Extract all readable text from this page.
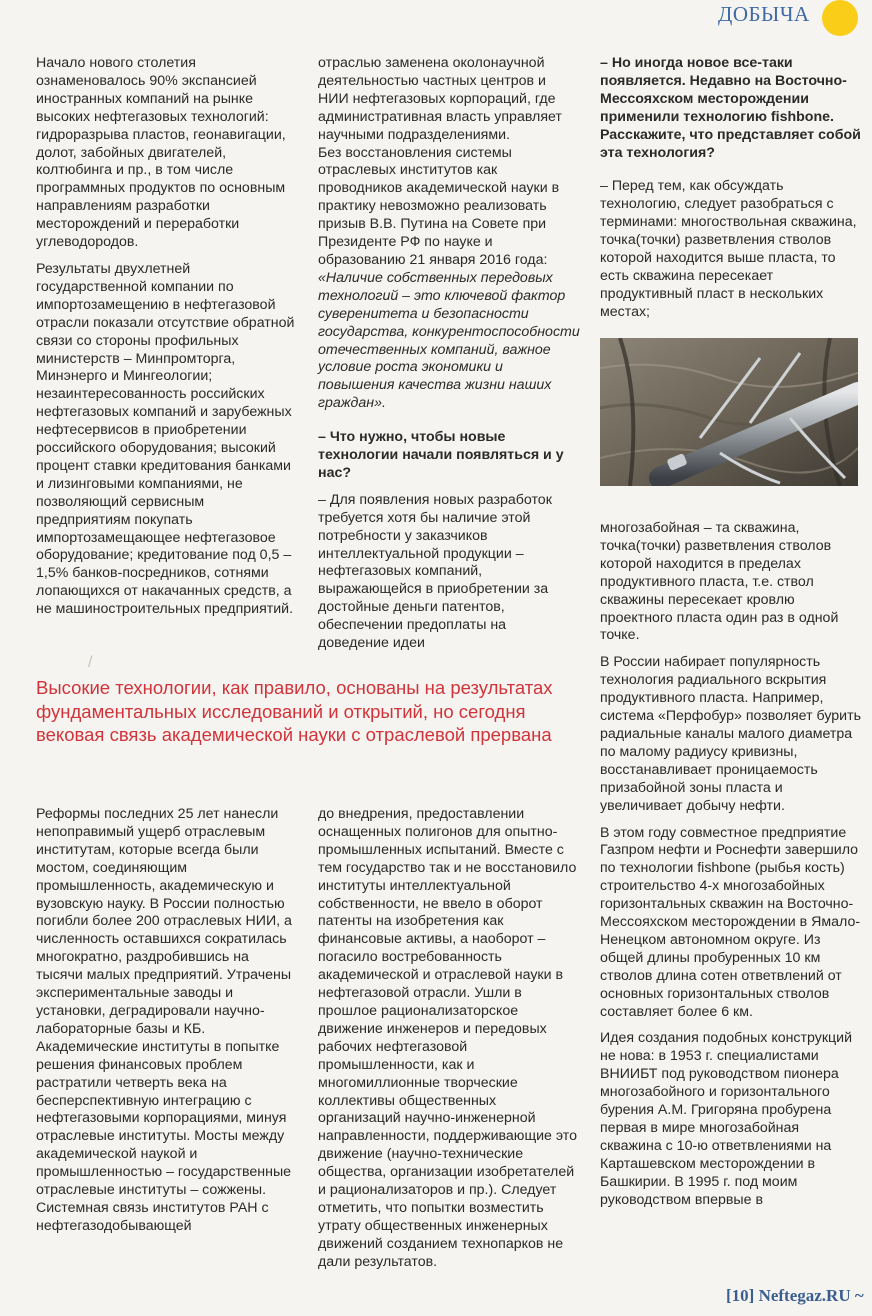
ДОБЫЧА

Начало нового столетия ознаменовалось 90% экспансией иностранных компаний на рынке высоких нефтегазовых технологий: гидроразрыва пластов, геонавигации, долот, забойных двигателей, колтюбинга и пр., в том числе программных продуктов по основным направлениям разработки месторождений и переработки углеводородов.

Результаты двухлетней государственной компании по импортозамещению в нефтегазовой отрасли показали отсутствие обратной связи со стороны профильных министерств – Минпромторга, Минэнерго и Мингеологии; незаинтересованность российских нефтегазовых компаний и зарубежных нефтесервисов в приобретении российского оборудования; высокий процент ставки кредитования банками и лизинговыми компаниями, не позволяющий сервисным предприятиям покупать импортозамещающее нефтегазовое оборудование; кредитование под 0,5 – 1,5% банков-посредников, сотнями лопающихся от накачанных средств, а не машиностроительных предприятий.

отраслью заменена околонаучной деятельностью частных центров и НИИ нефтегазовых корпораций, где административная власть управляет научными подразделениями.

Без восстановления системы отраслевых институтов как проводников академической науки в практику невозможно реализовать призыв В.В. Путина на Совете при Президенте РФ по науке и образованию 21 января 2016 года: «Наличие собственных передовых технологий – это ключевой фактор суверенитета и безопасности государства, конкурентоспособности отечественных компаний, важное условие роста экономики и повышения качества жизни наших граждан».

– Что нужно, чтобы новые технологии начали появляться и у нас?

– Для появления новых разработок требуется хотя бы наличие этой потребности у заказчиков интеллектуальной продукции – нефтегазовых компаний, выражающейся в приобретении за достойные деньги патентов, обеспечении предоплаты на доведение идеи

– Но иногда новое все-таки появляется. Недавно на Восточно-Мессояхском месторождении применили технологию fishbone. Расскажите, что представляет собой эта технология?

– Перед тем, как обсуждать технологию, следует разобраться с терминами: многоствольная скважина, точка(точки) разветвления стволов которой находится выше пласта, то есть скважина пересекает продуктивный пласт в нескольких местах;

многозабойная – та скважина, точка(точки) разветвления стволов которой находится в пределах продуктивного пласта, т.е. ствол скважины пересекает кровлю проектного пласта один раз в одной точке.

В России набирает популярность технология радиального вскрытия продуктивного пласта. Например, система «Перфобур» позволяет бурить радиальные каналы малого диаметра по малому радиусу кривизны, восстанавливает проницаемость призабойной зоны пласта и увеличивает добычу нефти.

В этом году совместное предприятие Газпром нефти и Роснефти завершило по технологии fishbone (рыбья кость) строительство 4-х многозабойных горизонтальных скважин на Восточно-Мессояхском месторождении в Ямало-Ненецком автономном округе. Из общей длины пробуренных 10 км стволов длина сотен ответвлений от основных горизонтальных стволов составляет более 6 км.

Идея создания подобных конструкций не нова: в 1953 г. специалистами ВНИИБТ под руководством пионера многозабойного и горизонтального бурения А.М. Григоряна пробурена первая в мире многозабойная скважина с 10-ю ответвлениями на Карташевском месторождении в Башкирии. В 1995 г. под моим руководством впервые в

/
Высокие технологии, как правило, основаны на результатах фундаментальных исследований и открытий, но сегодня вековая связь академической науки с отраслевой прервана

Реформы последних 25 лет нанесли непоправимый ущерб отраслевым институтам, которые всегда были мостом, соединяющим промышленность, академическую и вузовскую науку. В России полностью погибли более 200 отраслевых НИИ, а численность оставшихся сократилась многократно, раздробившись на тысячи малых предприятий. Утрачены экспериментальные заводы и установки, деградировали научно-лабораторные базы и КБ. Академические институты в попытке решения финансовых проблем растратили четверть века на бесперспективную интеграцию с нефтегазовыми корпорациями, минуя отраслевые институты. Мосты между академической наукой и промышленностью – государственные отраслевые институты – сожжены. Системная связь институтов РАН с нефтегазодобывающей

до внедрения, предоставлении оснащенных полигонов для опытно-промышленных испытаний. Вместе с тем государство так и не восстановило институты интеллектуальной собственности, не ввело в оборот патенты на изобретения как финансовые активы, а наоборот – погасило востребованность академической и отраслевой науки в нефтегазовой отрасли. Ушли в прошлое рационализаторское движение инженеров и передовых рабочих нефтегазовой промышленности, как и многомиллионные творческие коллективы общественных организаций научно-инженерной направленности, поддерживающие это движение (научно-технические общества, организации изобретателей и рационализаторов и пр.). Следует отметить, что попытки возместить утрату общественных инженерных движений созданием технопарков не дали результатов.

[10] Neftegaz.RU ~
